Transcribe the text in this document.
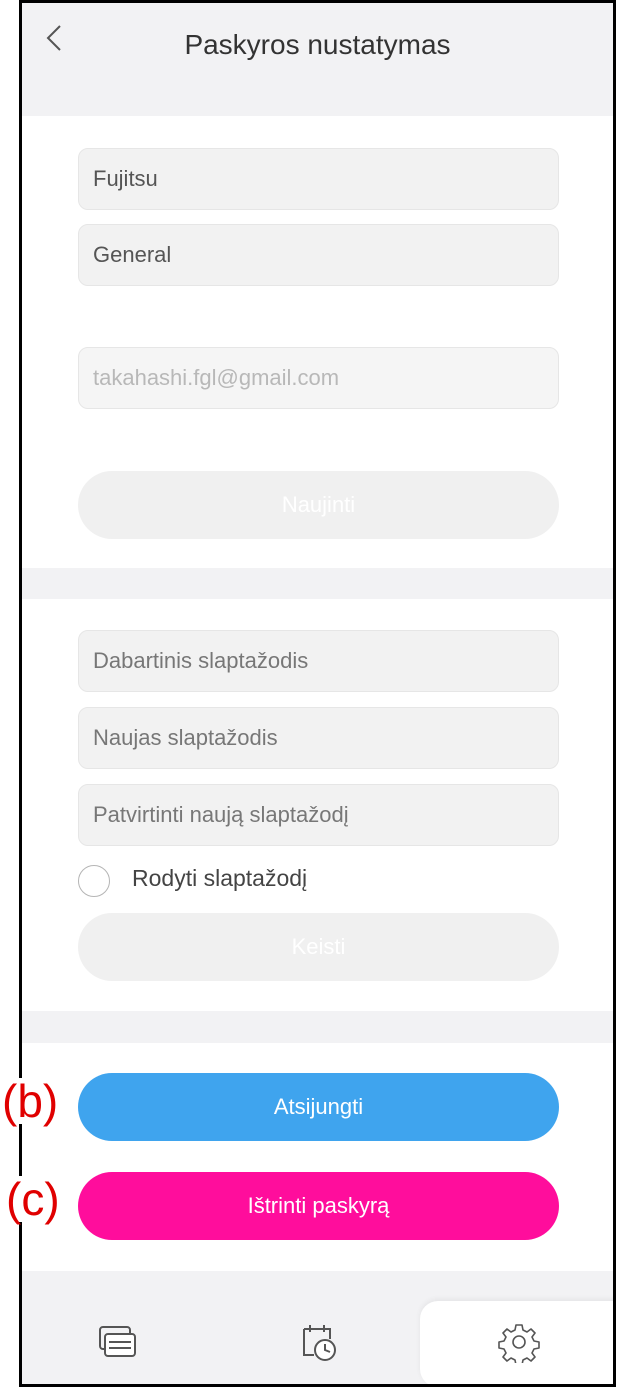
Paskyros nustatymas
Fujitsu
General
takahashi.fgl@gmail.com
Naujinti
Keisti
Rodyti slaptažodį
Atsijungti
Ištrinti paskyrą
(b)
(c)
